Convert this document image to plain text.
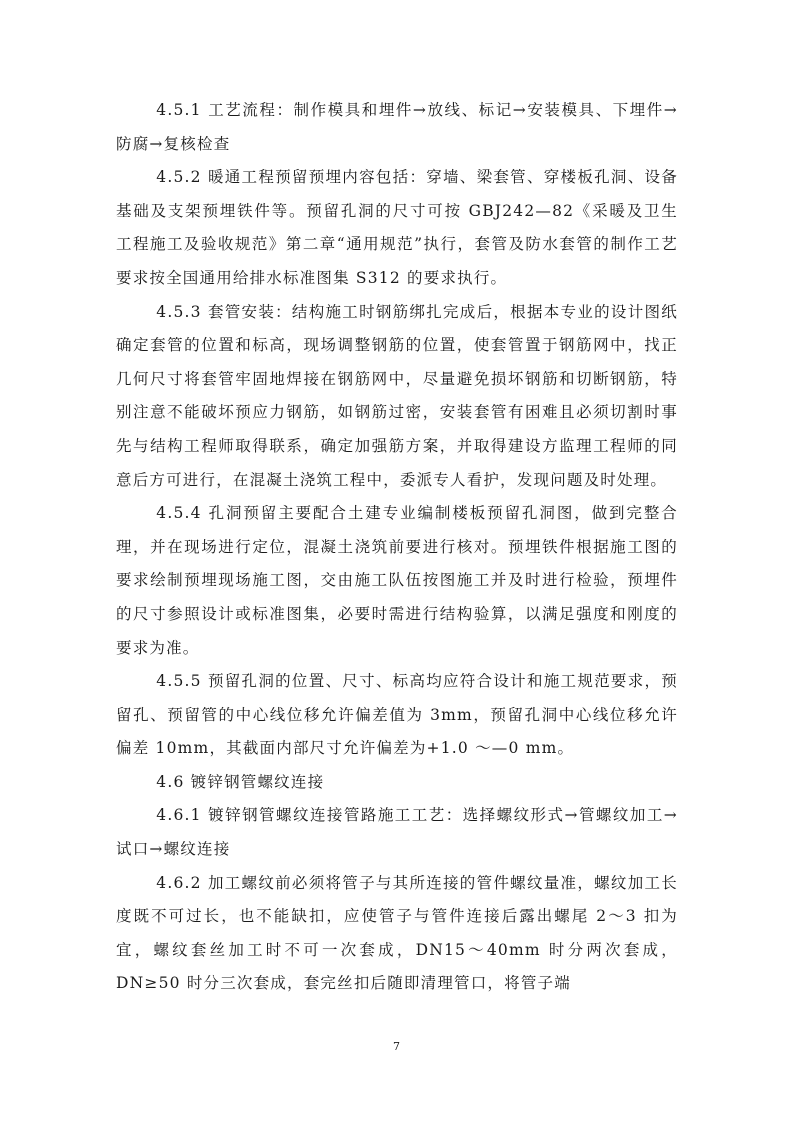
4.5.1 工艺流程：制作模具和埋件→放线、标记→安装模具、下埋件→防腐→复核检查

4.5.2 暖通工程预留预埋内容包括：穿墙、梁套管、穿楼板孔洞、设备基础及支架预埋铁件等。预留孔洞的尺寸可按 GBJ242—82《采暖及卫生工程施工及验收规范》第二章“通用规范”执行，套管及防水套管的制作工艺要求按全国通用给排水标准图集 S312 的要求执行。

4.5.3 套管安装：结构施工时钢筋绑扎完成后，根据本专业的设计图纸确定套管的位置和标高，现场调整钢筋的位置，使套管置于钢筋网中，找正几何尺寸将套管牢固地焊接在钢筋网中，尽量避免损坏钢筋和切断钢筋，特别注意不能破坏预应力钢筋，如钢筋过密，安装套管有困难且必须切割时事先与结构工程师取得联系，确定加强筋方案，并取得建设方监理工程师的同意后方可进行，在混凝土浇筑工程中，委派专人看护，发现问题及时处理。

4.5.4 孔洞预留主要配合土建专业编制楼板预留孔洞图，做到完整合理，并在现场进行定位，混凝土浇筑前要进行核对。预埋铁件根据施工图的要求绘制预埋现场施工图，交由施工队伍按图施工并及时进行检验，预埋件的尺寸参照设计或标准图集，必要时需进行结构验算，以满足强度和刚度的要求为准。

4.5.5 预留孔洞的位置、尺寸、标高均应符合设计和施工规范要求，预留孔、预留管的中心线位移允许偏差值为 3mm，预留孔洞中心线位移允许偏差 10mm，其截面内部尺寸允许偏差为+1.0 ～—0 mm。

4.6 镀锌钢管螺纹连接

4.6.1 镀锌钢管螺纹连接管路施工工艺：选择螺纹形式→管螺纹加工→试口→螺纹连接

4.6.2 加工螺纹前必须将管子与其所连接的管件螺纹量准，螺纹加工长度既不可过长，也不能缺扣，应使管子与管件连接后露出螺尾 2～3 扣为宜，螺纹套丝加工时不可一次套成，DN15～40mm 时分两次套成，DN≥50 时分三次套成，套完丝扣后随即清理管口，将管子端

7
